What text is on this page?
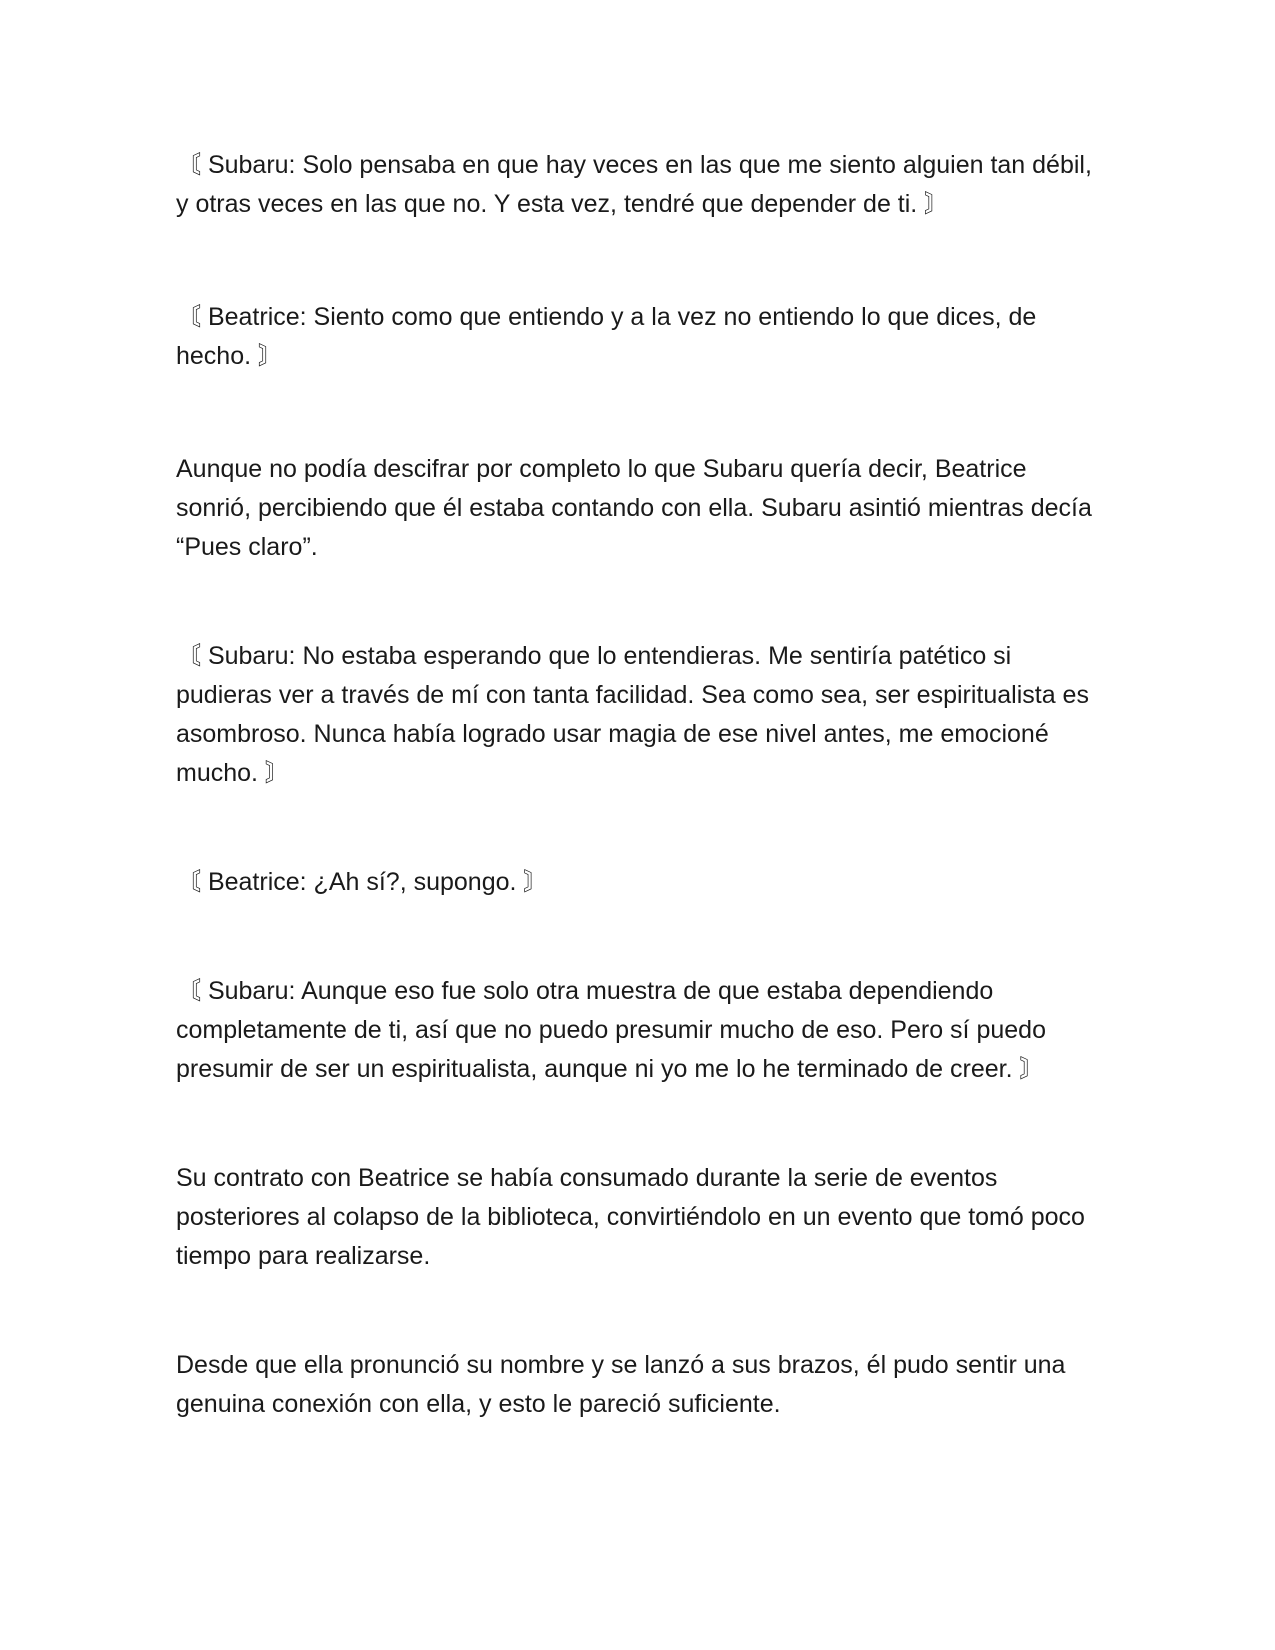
〘 Subaru: Solo pensaba en que hay veces en las que me siento alguien tan débil, y otras veces en las que no. Y esta vez, tendré que depender de ti. 〙

〘 Beatrice: Siento como que entiendo y a la vez no entiendo lo que dices, de hecho. 〙

Aunque no podía descifrar por completo lo que Subaru quería decir, Beatrice sonrió, percibiendo que él estaba contando con ella. Subaru asintió mientras decía “Pues claro”.

〘 Subaru: No estaba esperando que lo entendieras. Me sentiría patético si pudieras ver a través de mí con tanta facilidad. Sea como sea, ser espiritualista es asombroso. Nunca había logrado usar magia de ese nivel antes, me emocioné mucho. 〙

〘 Beatrice: ¿Ah sí?, supongo. 〙

〘 Subaru: Aunque eso fue solo otra muestra de que estaba dependiendo completamente de ti, así que no puedo presumir mucho de eso. Pero sí puedo presumir de ser un espiritualista, aunque ni yo me lo he terminado de creer. 〙

Su contrato con Beatrice se había consumado durante la serie de eventos posteriores al colapso de la biblioteca, convirtiéndolo en un evento que tomó poco tiempo para realizarse.

Desde que ella pronunció su nombre y se lanzó a sus brazos, él pudo sentir una genuina conexión con ella, y esto le pareció suficiente.
